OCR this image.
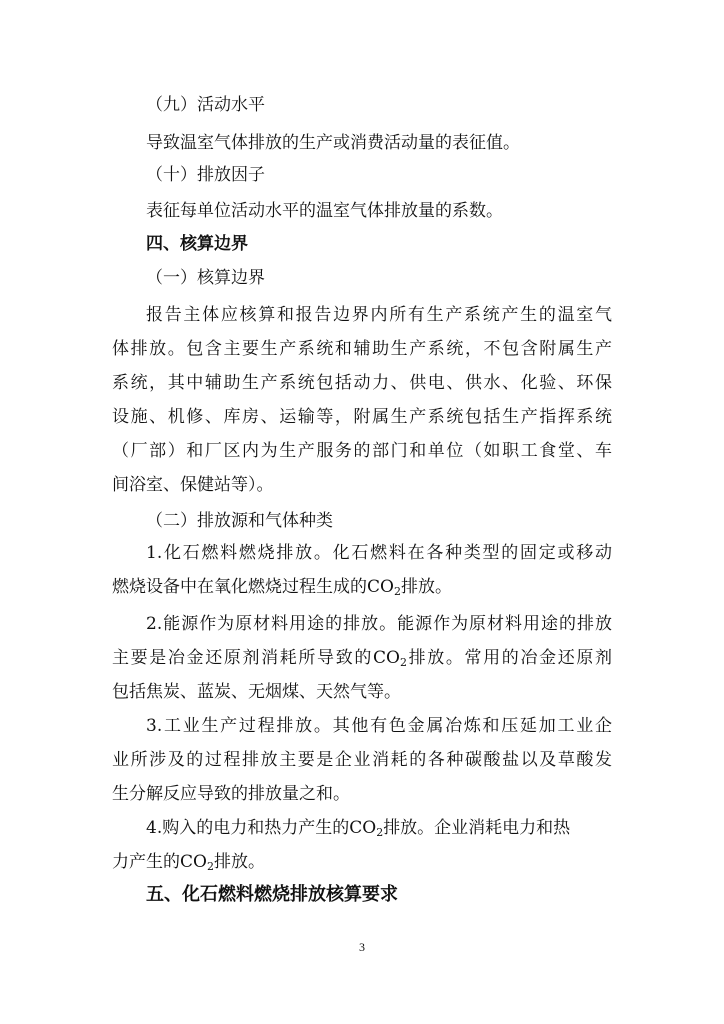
（九）活动水平
导致温室气体排放的生产或消费活动量的表征值。
（十）排放因子
表征每单位活动水平的温室气体排放量的系数。
四、核算边界
（一）核算边界
报告主体应核算和报告边界内所有生产系统产生的温室气
体排放。包含主要生产系统和辅助生产系统，不包含附属生产
系统，其中辅助生产系统包括动力、供电、供水、化验、环保
设施、机修、库房、运输等，附属生产系统包括生产指挥系统
（厂部）和厂区内为生产服务的部门和单位（如职工食堂、车
间浴室、保健站等）。
（二）排放源和气体种类
1.化石燃料燃烧排放。化石燃料在各种类型的固定或移动
燃烧设备中在氧化燃烧过程生成的$CO_2$排放。
2.能源作为原材料用途的排放。能源作为原材料用途的排放
主要是冶金还原剂消耗所导致的$CO_2$排放。常用的冶金还原剂
包括焦炭、蓝炭、无烟煤、天然气等。
3.工业生产过程排放。其他有色金属冶炼和压延加工业企
业所涉及的过程排放主要是企业消耗的各种碳酸盐以及草酸发
生分解反应导致的排放量之和。
4.购入的电力和热力产生的$CO_2$排放。企业消耗电力和热
力产生的$CO_2$排放。
五、化石燃料燃烧排放核算要求
3
